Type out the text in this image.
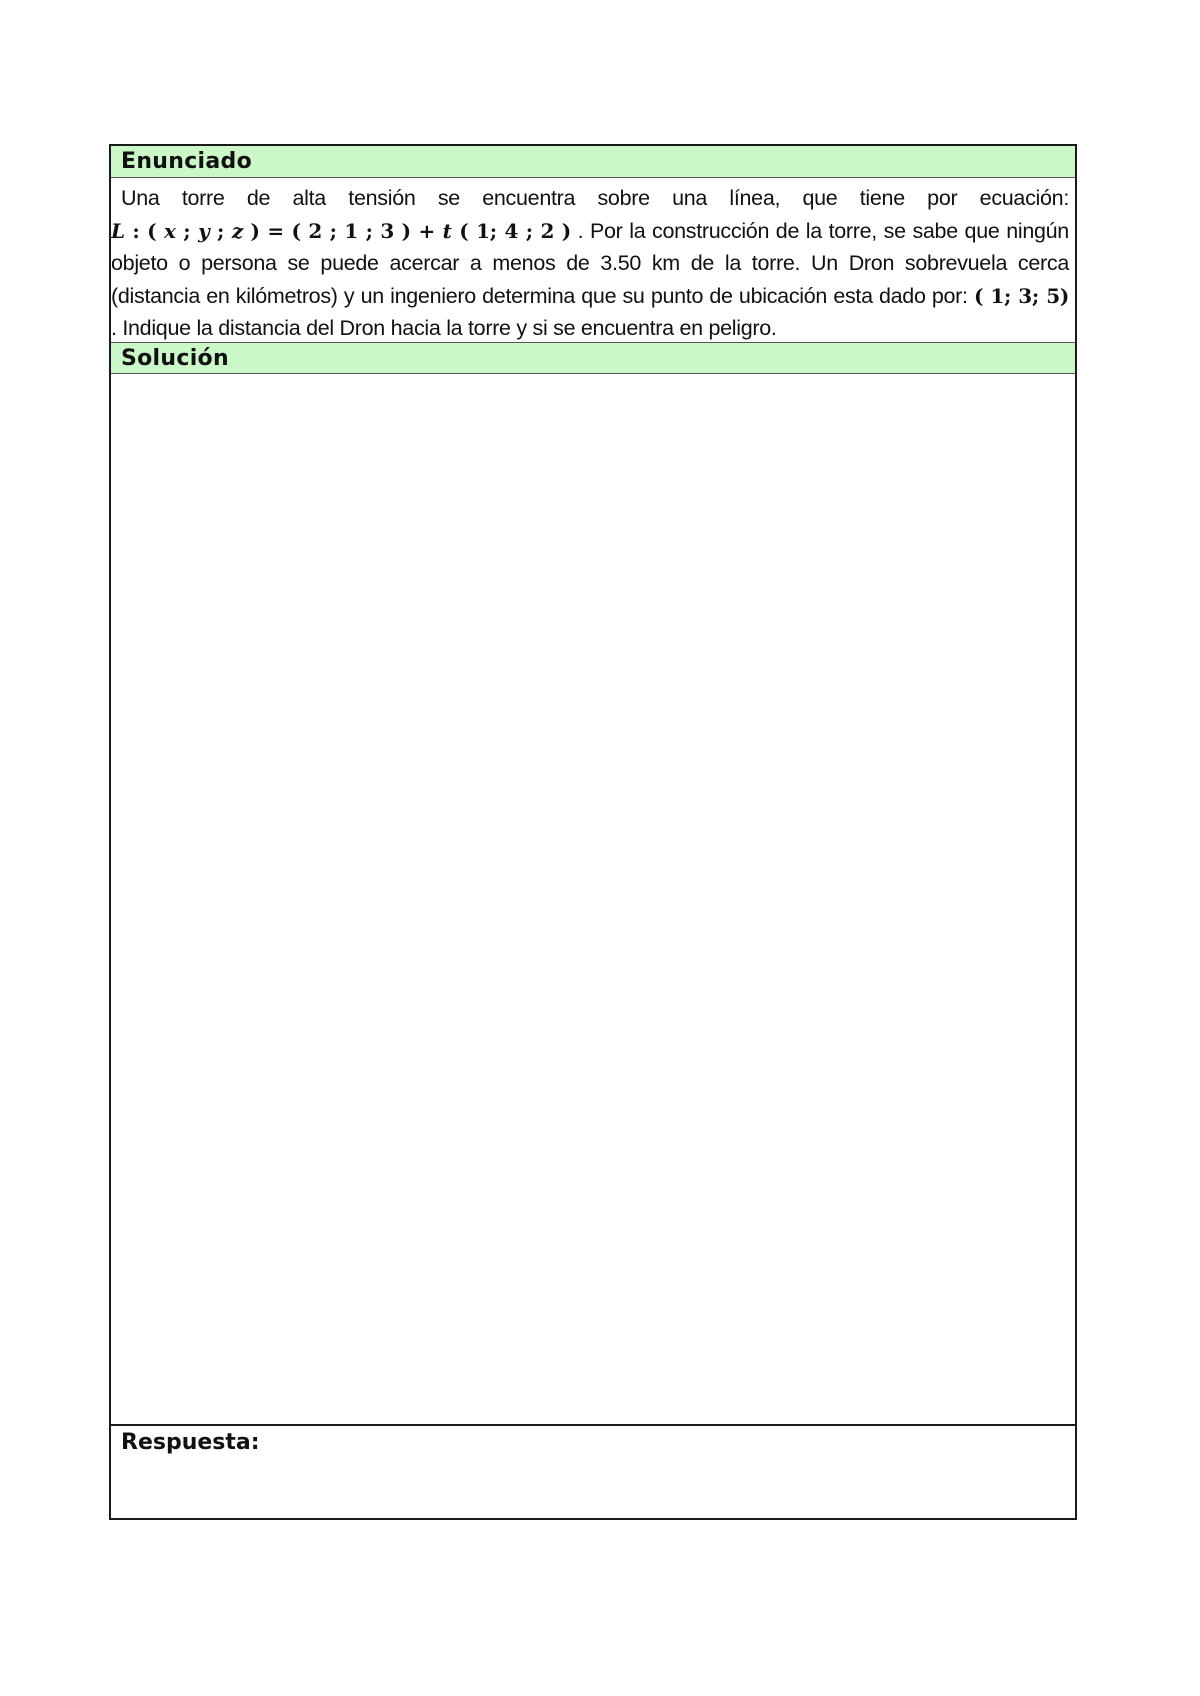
Enunciado
Una torre de alta tensión se encuentra sobre una línea, que tiene por ecuación: L : ( x ; y ; z ) = ( 2 ; 1 ; 3 ) + t ( 1; 4 ; 2 ) . Por la construcción de la torre, se sabe que ningún objeto o persona se puede acercar a menos de 3.50 km de la torre. Un Dron sobrevuela cerca (distancia en kilómetros) y un ingeniero determina que su punto de ubicación esta dado por: ( 1; 3; 5) . Indique la distancia del Dron hacia la torre y si se encuentra en peligro.
Solución
Respuesta:
